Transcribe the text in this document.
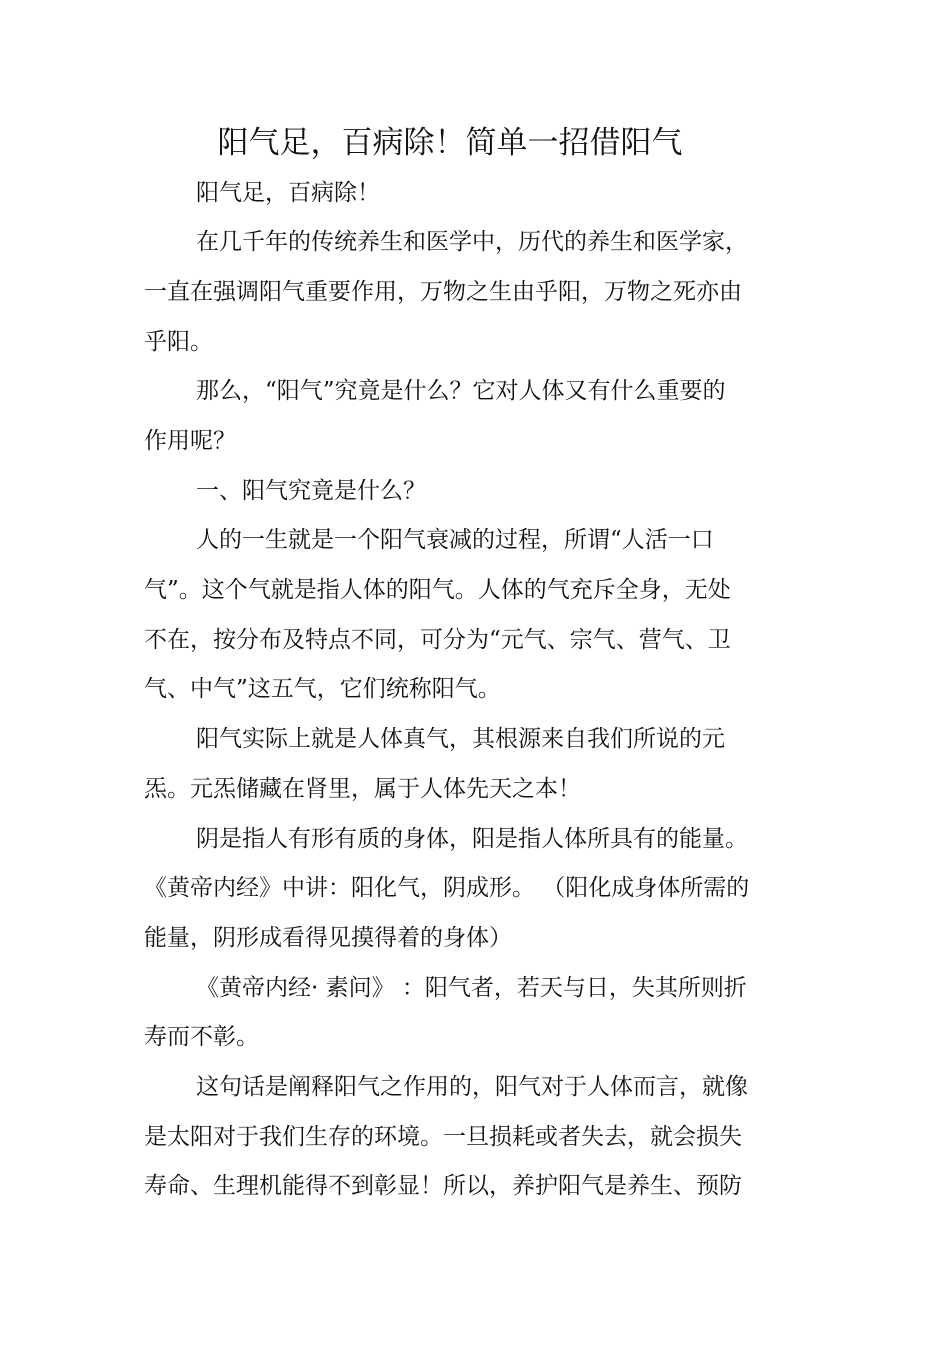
阳气足，百病除！简单一招借阳气
阳气足，百病除！
在几千年的传统养生和医学中，历代的养生和医学家，
一直在强调阳气重要作用，万物之生由乎阳，万物之死亦由
乎阳。
那么，“阳气”究竟是什么？它对人体又有什么重要的
作用呢？
一、阳气究竟是什么？
人的一生就是一个阳气衰减的过程，所谓“人活一口
气”。这个气就是指人体的阳气。人体的气充斥全身，无处
不在，按分布及特点不同，可分为“元气、宗气、营气、卫
气、中气”这五气，它们统称阳气。
阳气实际上就是人体真气，其根源来自我们所说的元
炁。元炁储藏在肾里，属于人体先天之本！
阴是指人有形有质的身体，阳是指人体所具有的能量。
《黄帝内经》中讲：阳化气，阴成形。 （阳化成身体所需的
能量，阴形成看得见摸得着的身体）
《黄帝内经· 素问》 ：阳气者，若天与日，失其所则折
寿而不彰。
这句话是阐释阳气之作用的，阳气对于人体而言，就像
是太阳对于我们生存的环境。一旦损耗或者失去，就会损失
寿命、生理机能得不到彰显！所以，养护阳气是养生、预防
